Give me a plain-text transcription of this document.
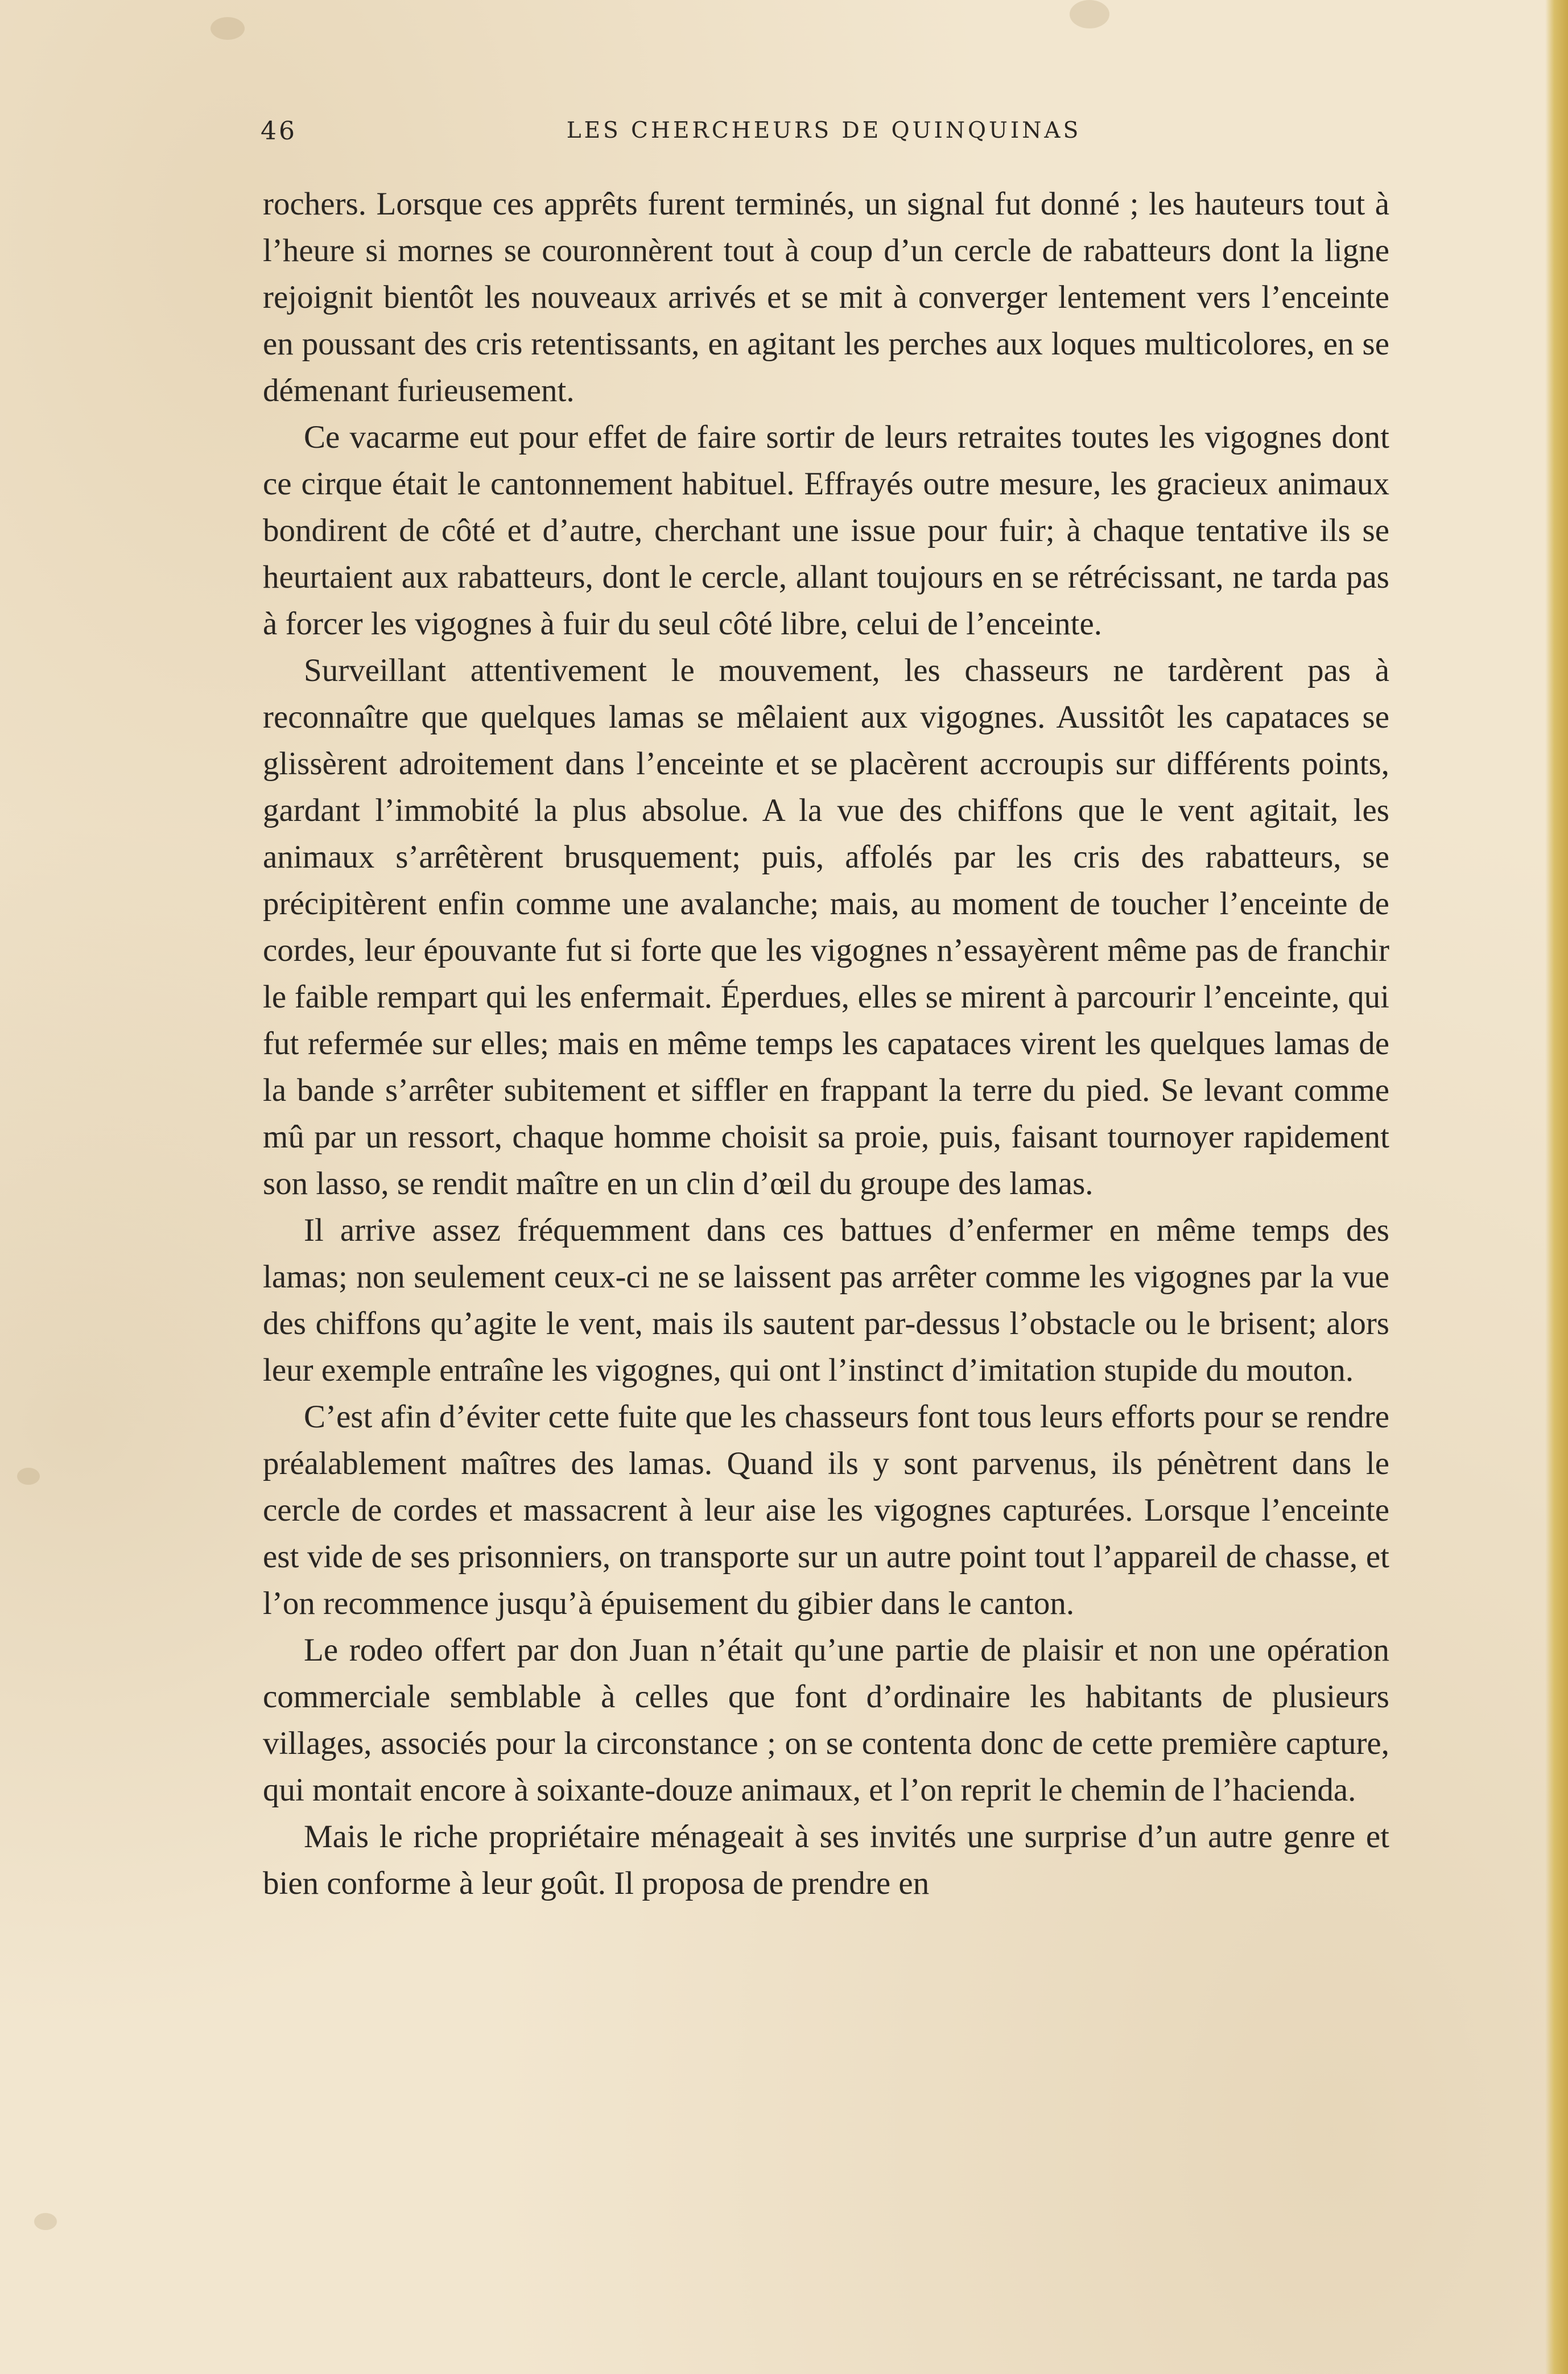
46	LES CHERCHEURS DE QUINQUINAS

rochers. Lorsque ces apprêts furent terminés, un signal fut donné ; les hauteurs tout à l’heure si mornes se couronnèrent tout à coup d’un cercle de rabatteurs dont la ligne rejoignit bientôt les nouveaux arrivés et se mit à converger lentement vers l’enceinte en poussant des cris retentissants, en agitant les perches aux loques multicolores, en se démenant furieusement.

Ce vacarme eut pour effet de faire sortir de leurs retraites toutes les vigognes dont ce cirque était le cantonnement habituel. Effrayés outre mesure, les gracieux animaux bondirent de côté et d’autre, cherchant une issue pour fuir; à chaque tentative ils se heurtaient aux rabatteurs, dont le cercle, allant toujours en se rétrécissant, ne tarda pas à forcer les vigognes à fuir du seul côté libre, celui de l’enceinte.

Surveillant attentivement le mouvement, les chasseurs ne tardèrent pas à reconnaître que quelques lamas se mêlaient aux vigognes. Aussitôt les capataces se glissèrent adroitement dans l’enceinte et se placèrent accroupis sur différents points, gardant l’immobité la plus absolue. A la vue des chiffons que le vent agitait, les animaux s’arrêtèrent brusquement; puis, affolés par les cris des rabatteurs, se précipitèrent enfin comme une avalanche; mais, au moment de toucher l’enceinte de cordes, leur épouvante fut si forte que les vigognes n’essayèrent même pas de franchir le faible rempart qui les enfermait. Éperdues, elles se mirent à parcourir l’enceinte, qui fut refermée sur elles; mais en même temps les capataces virent les quelques lamas de la bande s’arrêter subitement et siffler en frappant la terre du pied. Se levant comme mû par un ressort, chaque homme choisit sa proie, puis, faisant tournoyer rapidement son lasso, se rendit maître en un clin d’œil du groupe des lamas.

Il arrive assez fréquemment dans ces battues d’enfermer en même temps des lamas; non seulement ceux-ci ne se laissent pas arrêter comme les vigognes par la vue des chiffons qu’agite le vent, mais ils sautent par-dessus l’obstacle ou le brisent; alors leur exemple entraîne les vigognes, qui ont l’instinct d’imitation stupide du mouton.

C’est afin d’éviter cette fuite que les chasseurs font tous leurs efforts pour se rendre préalablement maîtres des lamas. Quand ils y sont parvenus, ils pénètrent dans le cercle de cordes et massacrent à leur aise les vigognes capturées. Lorsque l’enceinte est vide de ses prisonniers, on transporte sur un autre point tout l’appareil de chasse, et l’on recommence jusqu’à épuisement du gibier dans le canton.

Le rodeo offert par don Juan n’était qu’une partie de plaisir et non une opération commerciale semblable à celles que font d’ordinaire les habitants de plusieurs villages, associés pour la circonstance ; on se contenta donc de cette première capture, qui montait encore à soixante-douze animaux, et l’on reprit le chemin de l’hacienda.

Mais le riche propriétaire ménageait à ses invités une surprise d’un autre genre et bien conforme à leur goût. Il proposa de prendre en
